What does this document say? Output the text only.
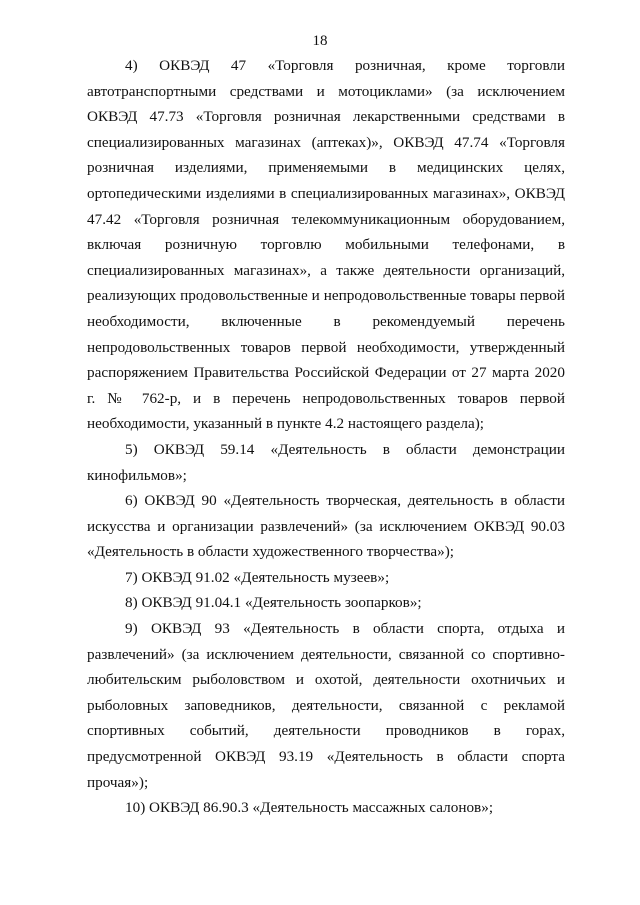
18

4) ОКВЭД 47 «Торговля розничная, кроме торговли автотранспортными средствами и мотоциклами» (за исключением ОКВЭД 47.73 «Торговля розничная лекарственными средствами в специализированных магазинах (аптеках)», ОКВЭД 47.74 «Торговля розничная изделиями, применяемыми в медицинских целях, ортопедическими изделиями в специализированных магазинах», ОКВЭД 47.42 «Торговля розничная телекоммуникационным оборудованием, включая розничную торговлю мобильными телефонами, в специализированных магазинах», а также деятельности организаций, реализующих продовольственные и непродовольственные товары первой необходимости, включенные в рекомендуемый перечень непродовольственных товаров первой необходимости, утвержденный распоряжением Правительства Российской Федерации от 27 марта 2020 г. № 762-р, и в перечень непродовольственных товаров первой необходимости, указанный в пункте 4.2 настоящего раздела);

5) ОКВЭД 59.14 «Деятельность в области демонстрации кинофильмов»;

6) ОКВЭД 90 «Деятельность творческая, деятельность в области искусства и организации развлечений» (за исключением ОКВЭД 90.03 «Деятельность в области художественного творчества»);

7) ОКВЭД 91.02 «Деятельность музеев»;

8) ОКВЭД 91.04.1 «Деятельность зоопарков»;

9) ОКВЭД 93 «Деятельность в области спорта, отдыха и развлечений» (за исключением деятельности, связанной со спортивно-любительским рыболовством и охотой, деятельности охотничьих и рыболовных заповедников, деятельности, связанной с рекламой спортивных событий, деятельности проводников в горах, предусмотренной ОКВЭД 93.19 «Деятельность в области спорта прочая»);

10) ОКВЭД 86.90.3 «Деятельность массажных салонов»;
